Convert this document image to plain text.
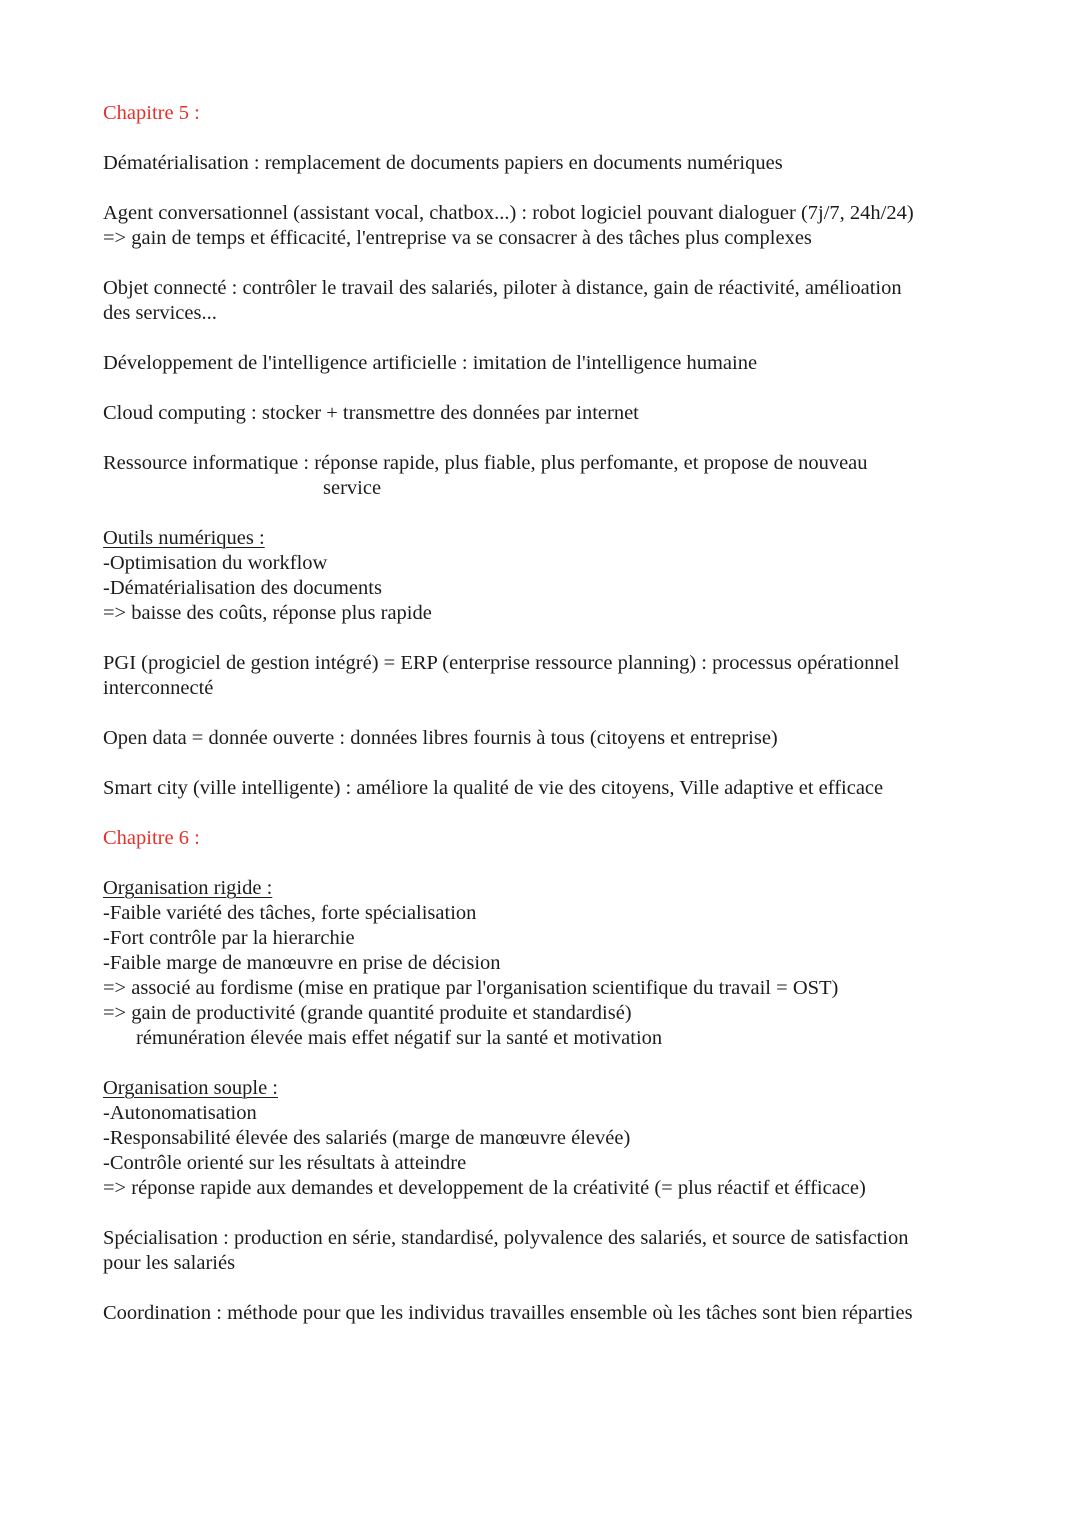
Chapitre 5 :
Dématérialisation : remplacement de documents papiers en documents numériques
Agent conversationnel (assistant vocal, chatbox...) : robot logiciel pouvant dialoguer (7j/7, 24h/24)
=> gain de temps et éfficacité, l'entreprise va se consacrer à des tâches plus complexes
Objet connecté : contrôler le travail des salariés, piloter à distance, gain de réactivité, amélioation
des services...
Développement de l'intelligence artificielle : imitation de l'intelligence humaine
Cloud computing : stocker + transmettre des données par internet
Ressource informatique : réponse rapide, plus fiable, plus perfomante, et propose de nouveau
service
Outils numériques :
-Optimisation du workflow
-Dématérialisation des documents
=> baisse des coûts, réponse plus rapide
PGI (progiciel de gestion intégré) = ERP (enterprise ressource planning) : processus opérationnel
interconnecté
Open data = donnée ouverte : données libres fournis à tous (citoyens et entreprise)
Smart city (ville intelligente) : améliore la qualité de vie des citoyens, Ville adaptive et efficace
Chapitre 6 :
Organisation rigide :
-Faible variété des tâches, forte spécialisation
-Fort contrôle par la hierarchie
-Faible marge de manœuvre en prise de décision
=> associé au fordisme (mise en pratique par l'organisation scientifique du travail = OST)
=> gain de productivité (grande quantité produite et standardisé)
rémunération élevée mais effet négatif sur la santé et motivation
Organisation souple :
-Autonomatisation
-Responsabilité élevée des salariés (marge de manœuvre élevée)
-Contrôle orienté sur les résultats à atteindre
=> réponse rapide aux demandes et developpement de la créativité (= plus réactif et éfficace)
Spécialisation : production en série, standardisé, polyvalence des salariés, et source de satisfaction
pour les salariés
Coordination : méthode pour que les individus travailles ensemble où les tâches sont bien réparties
